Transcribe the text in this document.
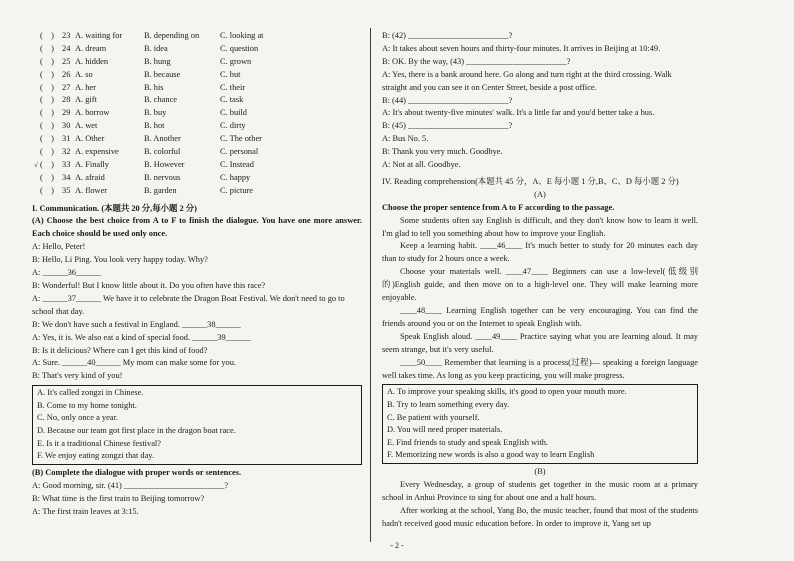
(    ) 23 A. waiting for	B. depending on C. looking at
(    ) 24 A. dream	B. idea	C. question
(    ) 25 A. hidden	B. hung	C. grown
(    ) 26 A. so	B. because	C. but
(    ) 27 A. her	B. his	C. their
(    ) 28 A. gift	B. chance	C. task
(    ) 29 A. borrow	B. buy	C. build
(    ) 30 A. wet	B. hot	C. dirty
(    ) 31 A. Other	B. Another	C. The other
(    ) 32 A. expensive	B. colorful	C. personal
√ (    ) 33 A. Finally	B. However	C. Instead
(    ) 34 A. afraid	B. nervous	C. happy
(    ) 35 A. flower	B. garden	C. picture
I. Communication. (本题共 20 分,每小题 2 分)
(A) Choose the best choice from A to F to finish the dialogue. You have one more answer. Each choice should be used only once.
A: Hello, Peter!
B: Hello, Li Ping. You look very happy today. Why?
A: ______36______
B: Wonderful! But I know little about it. Do you often have this race?
A: ______37______ We have it to celebrate the Dragon Boat Festival. We don't need to go to school that day.
B: We don't have such a festival in England. ______38______
A: Yes, it is. We also eat a kind of special food. ______39______
B: Is it delicious? Where can I get this kind of food?
A: Sure. ______40______ My mom can make some for you.
B: That's very kind of you!
A. It's called zongzi in Chinese.
B. Come to my home tonight.
C. No, only once a year.
D. Because our team got first place in the dragon boat race.
E. Is it a traditional Chinese festival?
F. We enjoy eating zongzi that day.
(B) Complete the dialogue with proper words or sentences.
A: Good morning, sir. (41) ________________________?
B: What time is the first train to Beijing tomorrow?
A: The first train leaves at 3:15.
B: (42) ________________________?
A: It takes about seven hours and thirty-four minutes. It arrives in Beijing at 10:49.
B: OK. By the way, (43) ________________________?
A: Yes, there is a bank around here. Go along and turn right at the third crossing. Walk straight and you can see it on Center Street, beside a post office.
B: (44) ________________________?
A: It's about twenty-five minutes' walk. It's a little far and you'd better take a bus.
B: (45) ________________________?
A: Bus No. 5.
B: Thank you very much. Goodbye.
A: Not at all. Goodbye.
IV. Reading comprehension(本题共 45 分，A、E 每小题 1 分,B、C、D 每小题 2 分)
(A)
Choose the proper sentence from A to F according to the passage.
Some students often say English is difficult, and they don't know how to learn it well. I'm glad to tell you something about how to improve your English.
Keep a learning habit. ____46____ It's much better to study for 20 minutes each day than to study for 2 hours once a week.
Choose your materials well. ____47____ Beginners can use a low-level(低级别的)English guide, and then move on to a high-level one. They will make learning more enjoyable.
____48____ Learning English together can be very encouraging. You can find the friends around you or on the Internet to speak English with.
Speak English aloud. ____49____ Practice saying what you are learning aloud. It may seem strange, but it's very useful.
____50____ Remember that learning is a process(过程)— speaking a foreign language well takes time. As long as you keep practicing, you will make progress.
A. To improve your speaking skills, it's good to open your mouth more.
B. Try to learn something every day.
C. Be patient with yourself.
D. You will need proper materials.
E. Find friends to study and speak English with.
F. Memorizing new words is also a good way to learn English
(B)
Every Wednesday, a group of students get together in the music room at a primary school in Anhui Province to sing for about one and a half hours.
After working at the school, Yang Bo, the music teacher, found that most of the students hadn't received good music education before. In order to improve it, Yang set up
- 2 -
